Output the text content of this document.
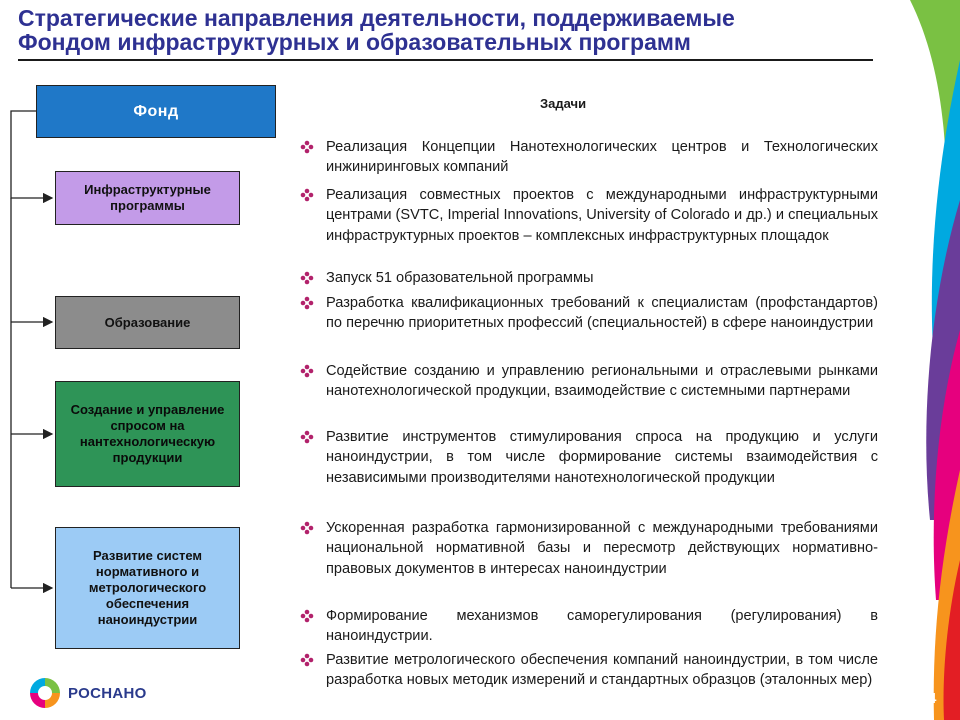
Стратегические направления деятельности, поддерживаемые
Фондом инфраструктурных и образовательных программ
Фонд
Инфраструктурные программы
Образование
Создание и управление спросом на нантехнологическую продукции
Развитие систем нормативного и метрологического обеспечения наноиндустрии
Задачи
Реализация Концепции Нанотехнологических центров и Технологических инжиниринговых компаний
Реализация совместных проектов с международными инфраструктурными центрами (SVTC, Imperial Innovations, University of Colorado и др.) и специальных инфраструктурных проектов – комплексных инфраструктурных площадок
Запуск 51 образовательной программы
Разработка квалификационных требований к специалистам (профстандартов) по перечню приоритетных профессий (специальностей) в сфере наноиндустрии
Содействие созданию и управлению региональными и отраслевыми рынками нанотехнологической продукции, взаимодействие с системными партнерами
Развитие инструментов стимулирования спроса на продукцию и услуги наноиндустрии, в том числе формирование системы взаимодействия с независимыми производителями нанотехнологической продукции
Ускоренная разработка гармонизированной с международными требованиями национальной нормативной базы и пересмотр действующих нормативно-правовых документов в интересах наноиндустрии
Формирование механизмов саморегулирования (регулирования) в наноиндустрии.
Развитие метрологического обеспечения компаний наноиндустрии, в том числе разработка новых методик измерений и стандартных образцов (эталонных мер)
РОСНАНО	4
